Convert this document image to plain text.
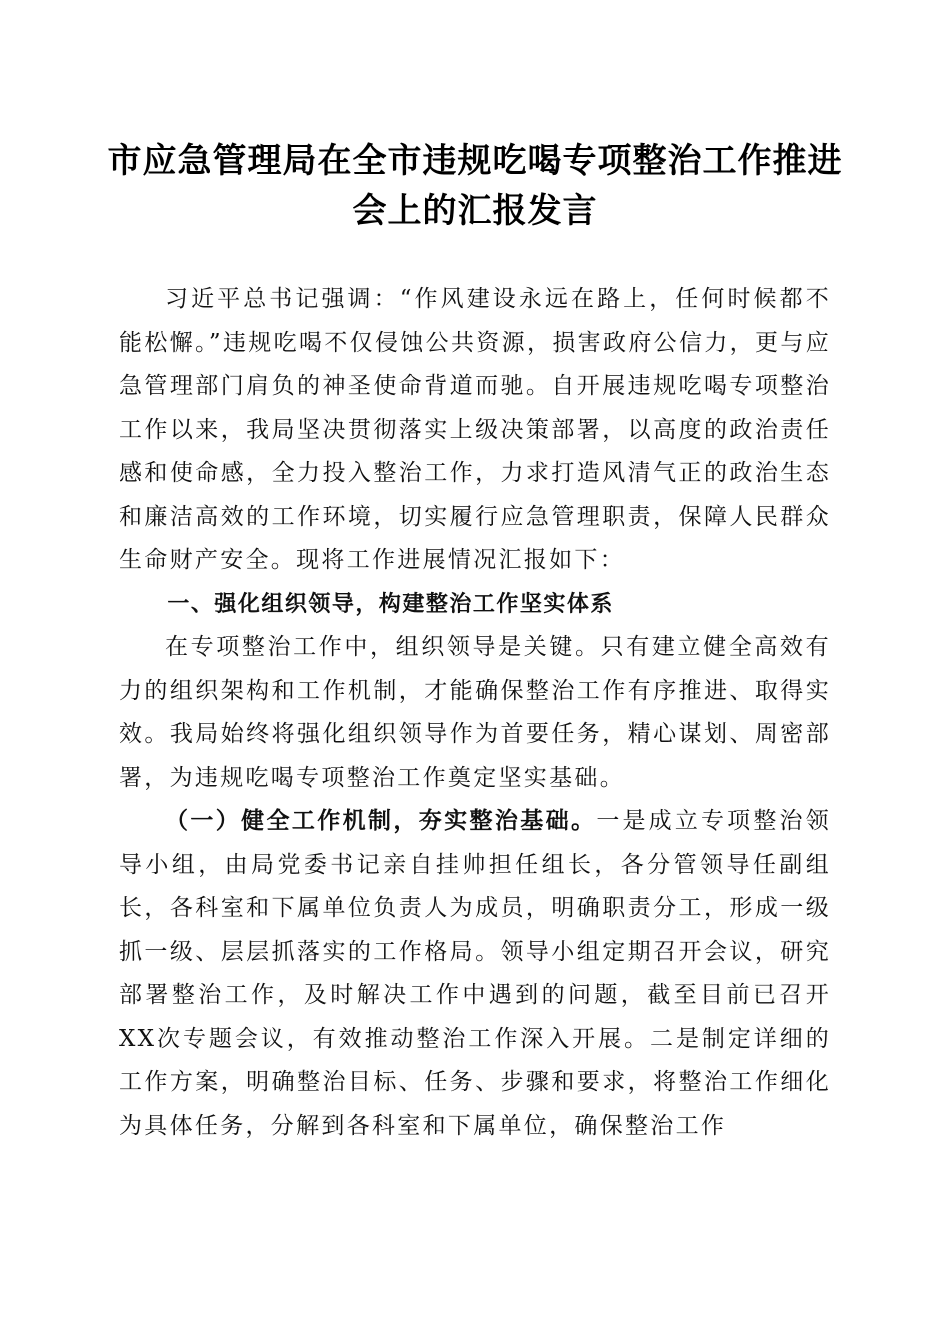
市应急管理局在全市违规吃喝专项整治工作推进会上的汇报发言

习近平总书记强调：“作风建设永远在路上，任何时候都不能松懈。”违规吃喝不仅侵蚀公共资源，损害政府公信力，更与应急管理部门肩负的神圣使命背道而驰。自开展违规吃喝专项整治工作以来，我局坚决贯彻落实上级决策部署，以高度的政治责任感和使命感，全力投入整治工作，力求打造风清气正的政治生态和廉洁高效的工作环境，切实履行应急管理职责，保障人民群众生命财产安全。现将工作进展情况汇报如下：

一、强化组织领导，构建整治工作坚实体系

在专项整治工作中，组织领导是关键。只有建立健全高效有力的组织架构和工作机制，才能确保整治工作有序推进、取得实效。我局始终将强化组织领导作为首要任务，精心谋划、周密部署，为违规吃喝专项整治工作奠定坚实基础。

（一）健全工作机制，夯实整治基础。一是成立专项整治领导小组，由局党委书记亲自挂帅担任组长，各分管领导任副组长，各科室和下属单位负责人为成员，明确职责分工，形成一级抓一级、层层抓落实的工作格局。领导小组定期召开会议，研究部署整治工作，及时解决工作中遇到的问题，截至目前已召开XX次专题会议，有效推动整治工作深入开展。二是制定详细的工作方案，明确整治目标、任务、步骤和要求，将整治工作细化为具体任务，分解到各科室和下属单位，确保整治工作
